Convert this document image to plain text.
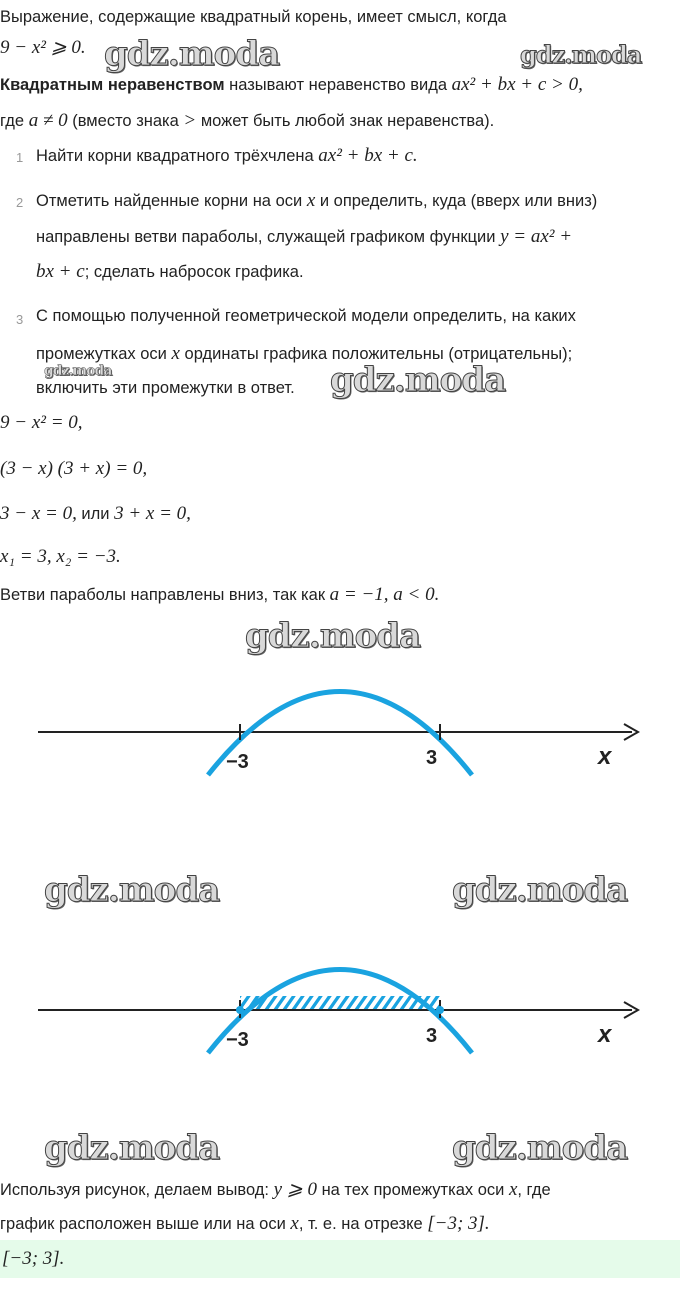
Выражение, содержащие квадратный корень, имеет смысл, когда
9 − x² ⩾ 0.
Квадратным неравенством называют неравенство вида ax² + bx + c > 0,
где a ≠ 0 (вместо знака > может быть любой знак неравенства).
1 Найти корни квадратного трёхчлена ax² + bx + c.
2 Отметить найденные корни на оси x и определить, куда (вверх или вниз)
направлены ветви параболы, служащей графиком функции y = ax² +
bx + c; сделать набросок графика.
3 С помощью полученной геометрической модели определить, на каких
промежутках оси x ординаты графика положительны (отрицательны);
включить эти промежутки в ответ.
9 − x² = 0,
(3 − x) (3 + x) = 0,
3 − x = 0, или 3 + x = 0,
x₁ = 3, x₂ = −3.
Ветви параболы направлены вниз, так как a = −1, a < 0.
−3	3	x
−3	3	x
Используя рисунок, делаем вывод: y ⩾ 0 на тех промежутках оси x, где
график расположен выше или на оси x, т. е. на отрезке [−3; 3].
[−3; 3].
gdz.moda	gdz.moda
gdz.moda	gdz.moda
gdz.moda
gdz.moda	gdz.moda
gdz.moda	gdz.moda
